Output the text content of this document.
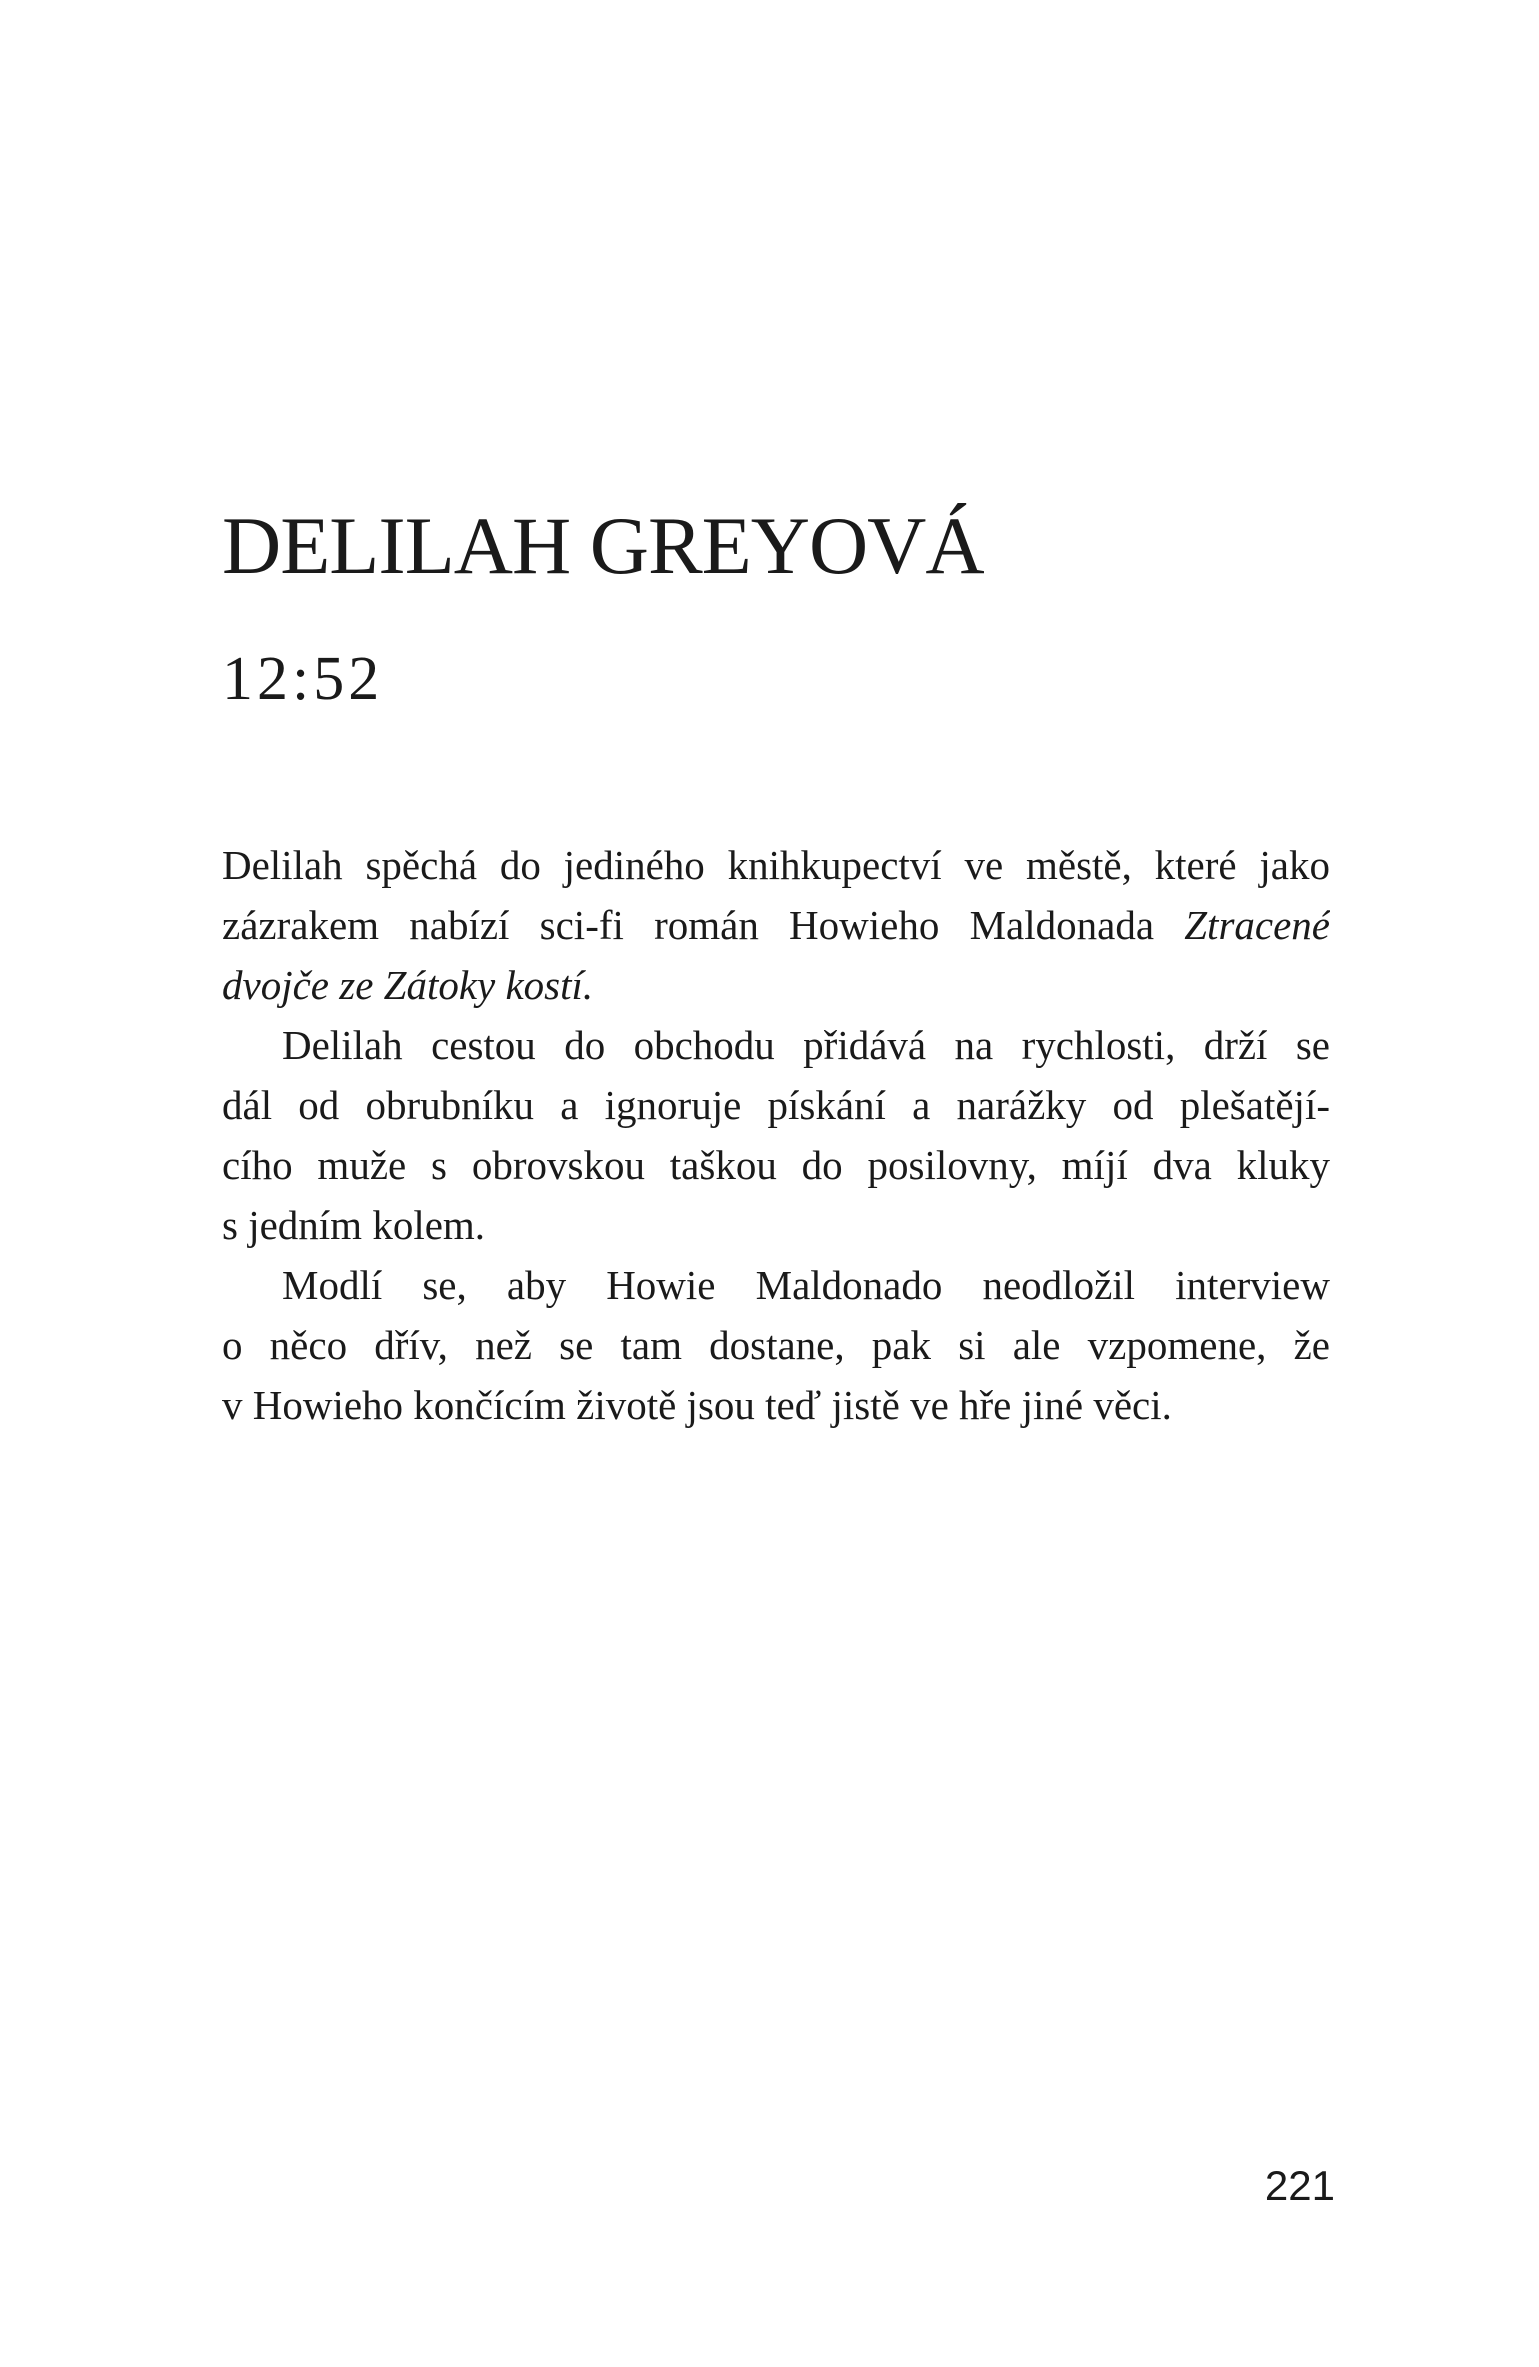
DELILAH GREYOVÁ
12:52
Delilah spěchá do jediného knihkupectví ve městě, které jako
zázrakem nabízí sci-fi román Howieho Maldonada Ztracené
dvojče ze Zátoky kostí.
Delilah cestou do obchodu přidává na rychlosti, drží se
dál od obrubníku a ignoruje pískání a narážky od plešatějí-
cího muže s obrovskou taškou do posilovny, míjí dva kluky
s jedním kolem.
Modlí se, aby Howie Maldonado neodložil interview
o něco dřív, než se tam dostane, pak si ale vzpomene, že
v Howieho končícím životě jsou teď jistě ve hře jiné věci.
221
